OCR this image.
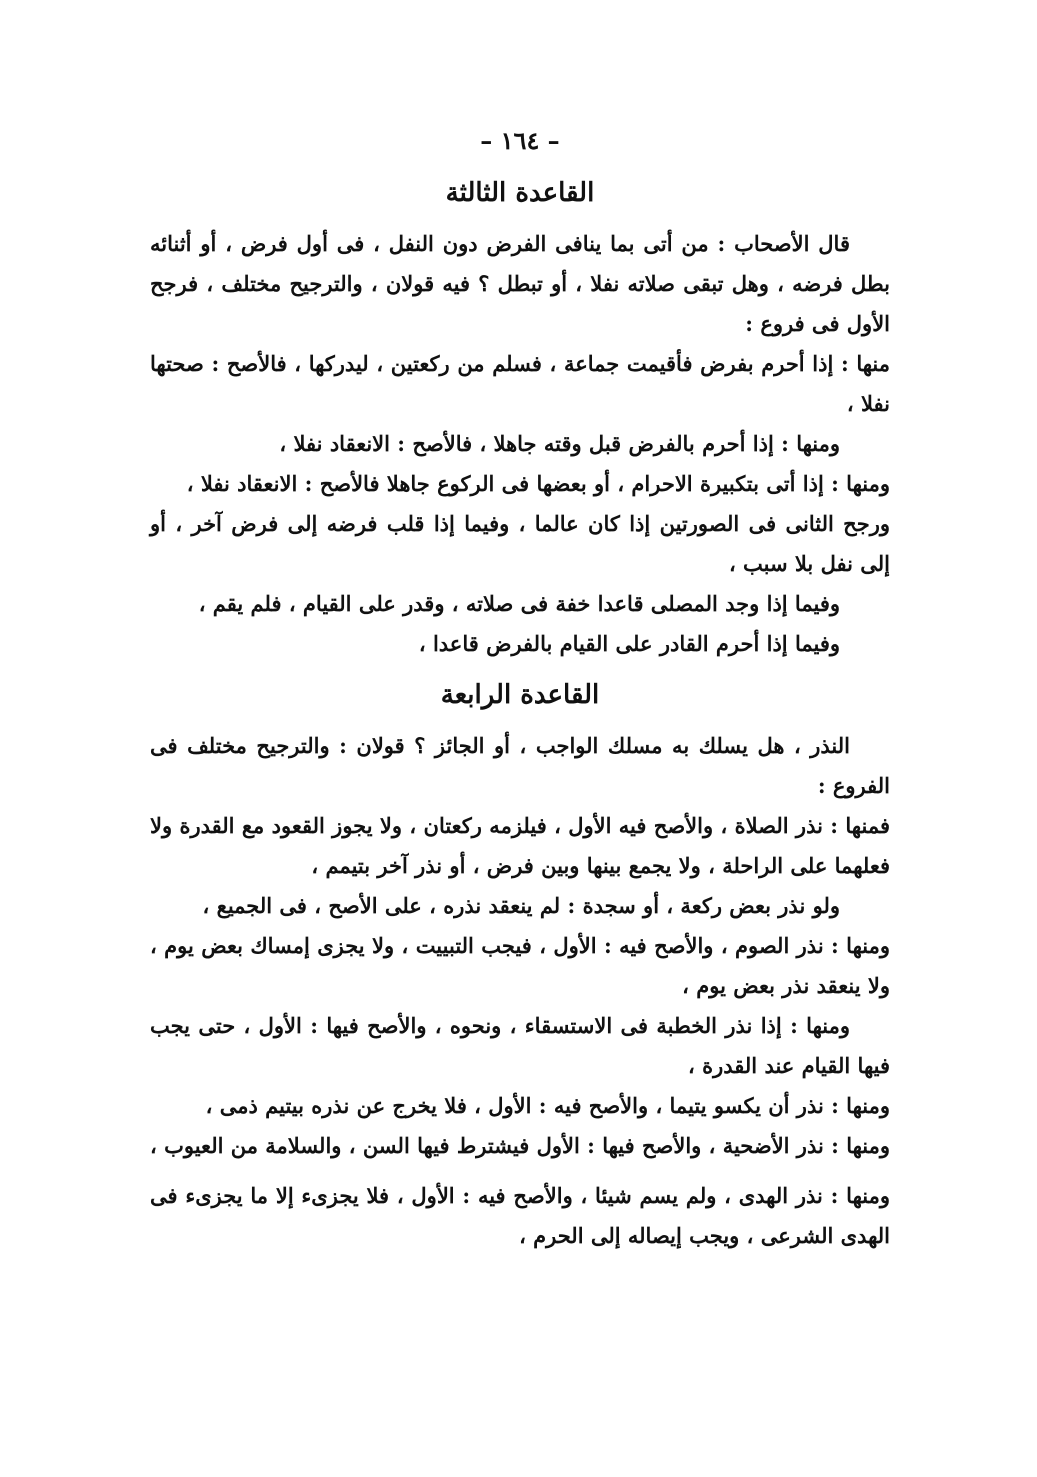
– ١٦٤ –
القاعدة الثالثة

قال الأصحاب : من أتى بما ينافى الفرض دون النفل ، فى أول فرض ، أو أثنائه بطل فرضه ، وهل تبقى صلاته نفلا ، أو تبطل ؟ فيه قولان ، والترجيح مختلف ، فرجح الأول فى فروع :

منها : إذا أحرم بفرض فأقيمت جماعة ، فسلم من ركعتين ، ليدركها ، فالأصح : صحتها نفلا ،

ومنها : إذا أحرم بالفرض قبل وقته جاهلا ، فالأصح : الانعقاد نفلا ،

ومنها : إذا أتى بتكبيرة الاحرام ، أو بعضها فى الركوع جاهلا فالأصح : الانعقاد نفلا ،

ورجح الثانى فى الصورتين إذا كان عالما ، وفيما إذا قلب فرضه إلى فرض آخر ، أو إلى نفل بلا سبب ،

وفيما إذا وجد المصلى قاعدا خفة فى صلاته ، وقدر على القيام ، فلم يقم ،

وفيما إذا أحرم القادر على القيام بالفرض قاعدا ،

القاعدة الرابعة

النذر ، هل يسلك به مسلك الواجب ، أو الجائز ؟ قولان : والترجيح مختلف فى الفروع :

فمنها : نذر الصلاة ، والأصح فيه الأول ، فيلزمه ركعتان ، ولا يجوز القعود مع القدرة ولا فعلهما على الراحلة ، ولا يجمع بينها وبين فرض ، أو نذر آخر بتيمم ،

ولو نذر بعض ركعة ، أو سجدة : لم ينعقد نذره ، على الأصح ، فى الجميع ،

ومنها : نذر الصوم ، والأصح فيه : الأول ، فيجب التبييت ، ولا يجزى إمساك بعض يوم ، ولا ينعقد نذر بعض يوم ،

ومنها : إذا نذر الخطبة فى الاستسقاء ، ونحوه ، والأصح فيها : الأول ، حتى يجب فيها القيام عند القدرة ،

ومنها : نذر أن يكسو يتيما ، والأصح فيه : الأول ، فلا يخرج عن نذره بيتيم ذمى ،

ومنها : نذر الأضحية ، والأصح فيها : الأول فيشترط فيها السن ، والسلامة من العيوب ،

ومنها : نذر الهدى ، ولم يسم شيئا ، والأصح فيه : الأول ، فلا يجزىء إلا ما يجزىء فى الهدى الشرعى ، ويجب إيصاله إلى الحرم ،
